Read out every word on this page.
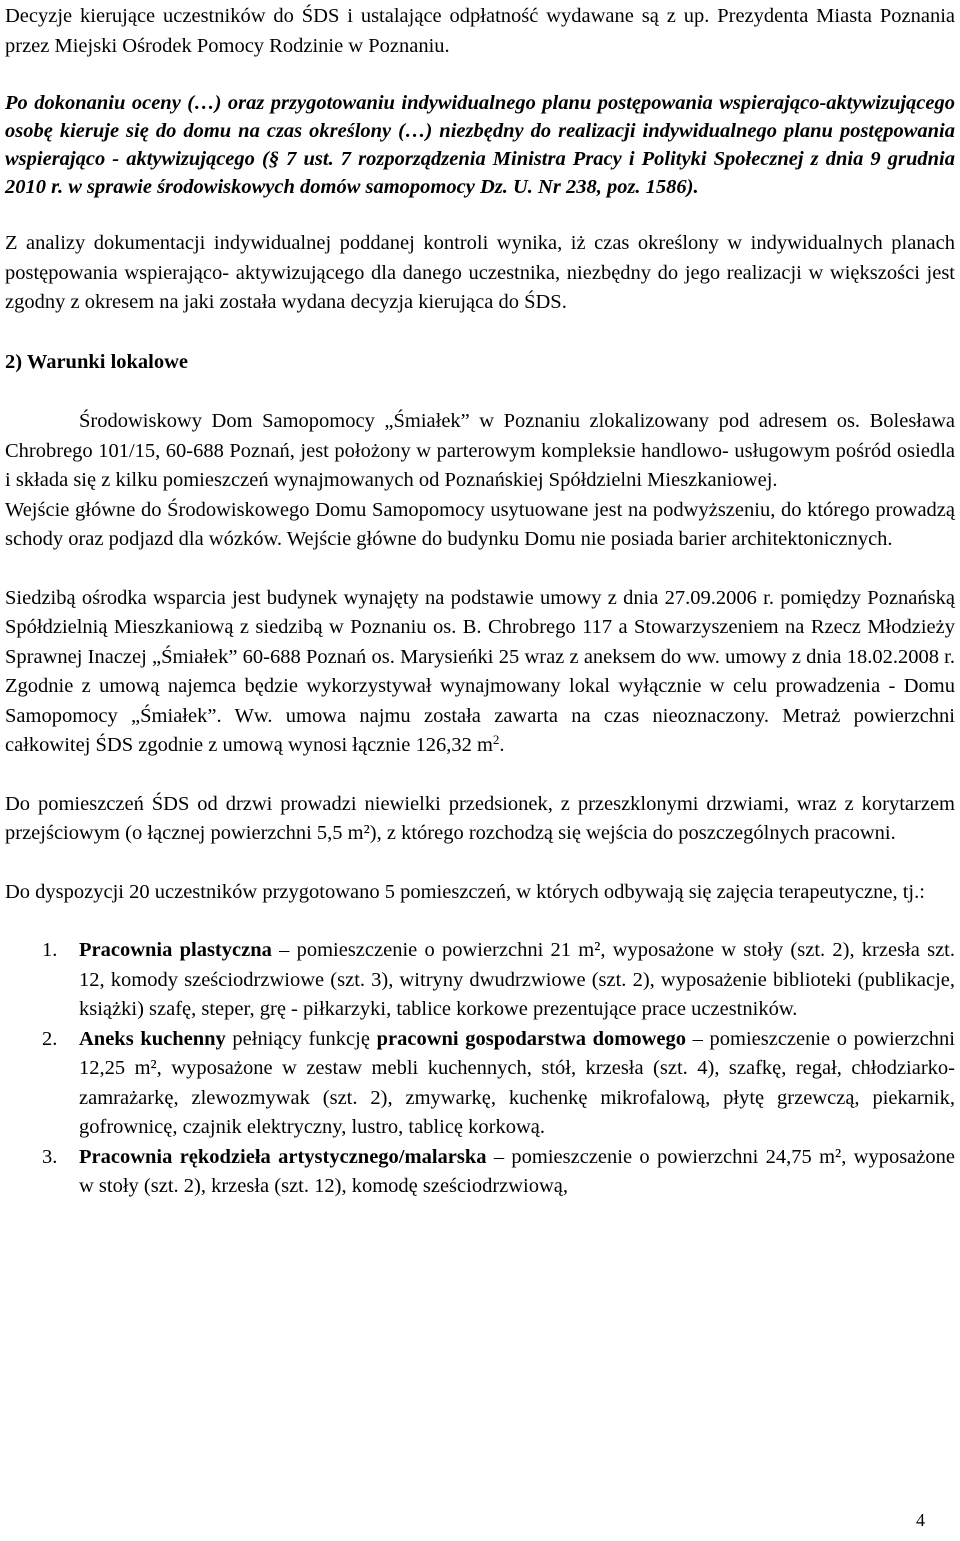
Decyzje kierujące uczestników do ŚDS i ustalające odpłatność wydawane są z up. Prezydenta Miasta Poznania przez Miejski Ośrodek Pomocy Rodzinie w Poznaniu.

Po dokonaniu oceny (…) oraz przygotowaniu indywidualnego planu postępowania wspierająco-aktywizującego osobę kieruje się do domu na czas określony (…) niezbędny do realizacji indywidualnego planu postępowania wspierająco - aktywizującego (§ 7 ust. 7 rozporządzenia Ministra Pracy i Polityki Społecznej z dnia 9 grudnia 2010 r. w sprawie środowiskowych domów samopomocy Dz. U. Nr 238, poz. 1586).

Z analizy dokumentacji indywidualnej poddanej kontroli wynika, iż czas określony w indywidualnych planach postępowania wspierająco- aktywizującego dla danego uczestnika, niezbędny do jego realizacji w większości jest zgodny z okresem na jaki została wydana decyzja kierująca do ŚDS.

2) Warunki lokalowe

Środowiskowy Dom Samopomocy „Śmiałek” w Poznaniu zlokalizowany pod adresem os. Bolesława Chrobrego 101/15, 60-688 Poznań, jest położony w parterowym kompleksie handlowo- usługowym pośród osiedla i składa się z kilku pomieszczeń wynajmowanych od Poznańskiej Spółdzielni Mieszkaniowej.

Wejście główne do Środowiskowego Domu Samopomocy usytuowane jest na podwyższeniu, do którego prowadzą schody oraz podjazd dla wózków. Wejście główne do budynku Domu nie posiada barier architektonicznych.

Siedzibą ośrodka wsparcia jest budynek wynajęty na podstawie umowy z dnia 27.09.2006 r. pomiędzy Poznańską Spółdzielnią Mieszkaniową z siedzibą w Poznaniu os. B. Chrobrego 117 a Stowarzyszeniem na Rzecz Młodzieży Sprawnej Inaczej „Śmiałek” 60-688 Poznań os. Marysieńki 25 wraz z aneksem do ww. umowy z dnia 18.02.2008 r. Zgodnie z umową najemca będzie wykorzystywał wynajmowany lokal wyłącznie w celu prowadzenia - Domu Samopomocy „Śmiałek”. Ww. umowa najmu została zawarta na czas nieoznaczony. Metraż powierzchni całkowitej ŚDS zgodnie z umową wynosi łącznie 126,32 $m^2$.

Do pomieszczeń ŚDS od drzwi prowadzi niewielki przedsionek, z przeszklonymi drzwiami, wraz z korytarzem przejściowym (o łącznej powierzchni 5,5 m²), z którego rozchodzą się wejścia do poszczególnych pracowni.

Do dyspozycji 20 uczestników przygotowano 5 pomieszczeń, w których odbywają się zajęcia terapeutyczne, tj.:

1. Pracownia plastyczna – pomieszczenie o powierzchni 21 m², wyposażone w stoły (szt. 2), krzesła szt. 12, komody sześciodrzwiowe (szt. 3), witryny dwudrzwiowe (szt. 2), wyposażenie biblioteki (publikacje, książki) szafę, steper, grę - piłkarzyki, tablice korkowe prezentujące prace uczestników.
2. Aneks kuchenny pełniący funkcję pracowni gospodarstwa domowego – pomieszczenie o powierzchni 12,25 m², wyposażone w zestaw mebli kuchennych, stół, krzesła (szt. 4), szafkę, regał, chłodziarko-zamrażarkę, zlewozmywak (szt. 2), zmywarkę, kuchenkę mikrofalową, płytę grzewczą, piekarnik, gofrownicę, czajnik elektryczny, lustro, tablicę korkową.
3. Pracownia rękodzieła artystycznego/malarska – pomieszczenie o powierzchni 24,75 m², wyposażone w stoły (szt. 2), krzesła (szt. 12), komodę sześciodrzwiową,
4
